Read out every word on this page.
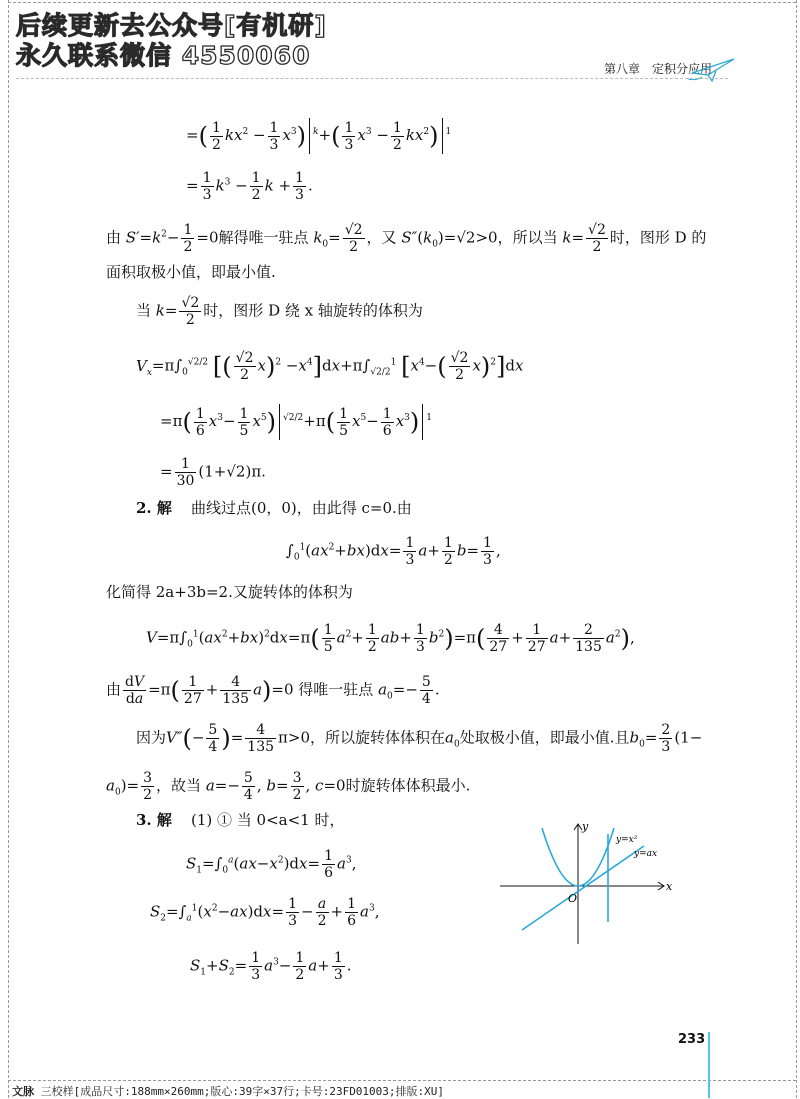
后续更新去公众号[有机研]
永久联系微信 4550060	第八章　定积分应用
=( $\frac{1}{2} kx^2 - \frac{1}{3} x^3$) $^k+( \frac{1}{3} x^3 - \frac{1}{2} kx^2)$ $^1$
= $\frac{1}{3} k^3 - \frac{1}{2}$ $k + \frac{1}{3}$ .
由 $S'=k^2- \frac{1}{2} =0$解得唯一驻点 $k_0= \frac{√2}{2}$ ，又 $S''(k_0)=√2>0$，所以当 $k= \frac{√2}{2}$ 时，图形 D 的
面积取极小值，即最小值.
当 $k= \frac{√2}{2}$ 时，图形 D 绕 x 轴旋转的体积为
$V_x=\pi\int_0^{√2/2}$ [( $\frac{√2}{2} x)^2 -x^4]dx+\pi\int_{√2/2}^1$ $[x^4-( \frac{√2}{2} x)^2]dx$
$=\pi( \frac{1}{6} x^3- \frac{1}{5} x^5)$ $^{√2/2}+\pi( \frac{1}{5} x^5- \frac{1}{6} x^3)$ $^1$
= $\frac{1}{30} (1+√2)\pi$.
2. 解 曲线过点(0，0)，由此得 c=0.由
$\int_0^1(ax^2+bx)dx= \frac{1}{3} a+ \frac{1}{2} b= \frac{1}{3}$ ,
化简得 2a+3b=2.又旋转体的体积为
$V=\pi\int_0^1(ax^2+bx)^2dx=\pi( \frac{1}{5} a^2+ \frac{1}{2} ab+ \frac{1}{3} b^2)=\pi( \frac{4}{27} + \frac{1}{27} a+ \frac{2}{135} a^2)$,
由 $\frac{dV}{da} =\pi( \frac{1}{27} + \frac{4}{135} a)=0$ 得唯一驻点 $a_0=- \frac{5}{4}$ .
因为$V''(- \frac{5}{4}$ )= $\frac{4}{135} \pi>0$，所以旋转体体积在$a_0$处取极小值，即最小值.且$b_0= \frac{2}{3} (1-$
$a_0)= \frac{3}{2}$ ，故当 $a=- \frac{5}{4}$ , $b= \frac{3}{2}$ , c=0时旋转体体积最小.
3. 解 (1) ① 当 0<a<1 时，
$S_1=\int_0^a(ax-x^2)dx= \frac{1}{6} a^3$,
$S_2=\int_a^1(x^2-ax)dx= \frac{1}{3} - \frac{a}{2} + \frac{1}{6} a^3$,
$S_1+S_2= \frac{1}{3} a^3- \frac{1}{2} a+ \frac{1}{3}$ .
O
x
y
y=x²
y=ax
233
文脉 三校样[成品尺寸:188mm×260mm;版心:39字×37行;卡号:23FD01003;排版:XU]
